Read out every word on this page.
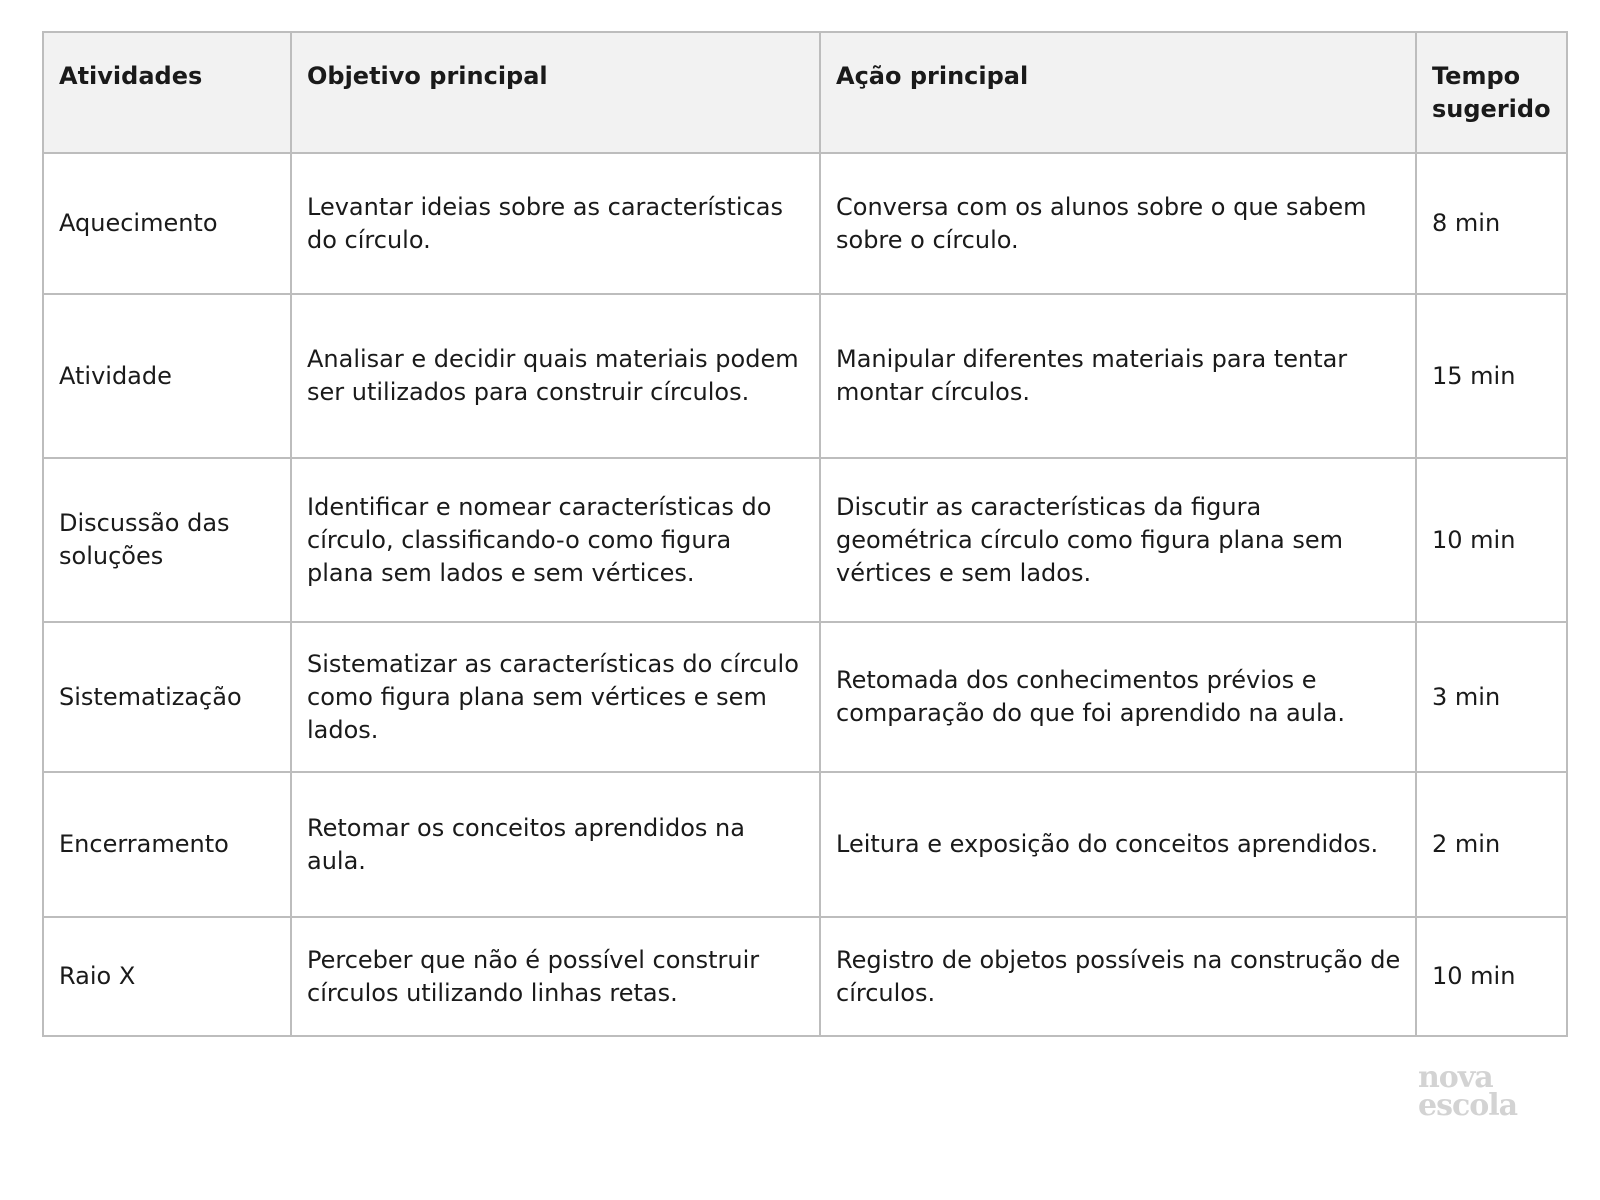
Atividades	Objetivo principal	Ação principal	Tempo sugerido
Aquecimento	Levantar ideias sobre as características do círculo.	Conversa com os alunos sobre o que sabem sobre o círculo.	8 min
Atividade	Analisar e decidir quais materiais podem ser utilizados para construir círculos.	Manipular diferentes materiais para tentar montar círculos.	15 min
Discussão das soluções	Identificar e nomear características do círculo, classificando-o como figura plana sem lados e sem vértices.	Discutir as características da figura geométrica círculo como figura plana sem vértices e sem lados.	10 min
Sistematização	Sistematizar as características do círculo como figura plana sem vértices e sem lados.	Retomada dos conhecimentos prévios e comparação do que foi aprendido na aula.	3 min
Encerramento	Retomar os conceitos aprendidos na aula.	Leitura e exposição do conceitos aprendidos.	2 min
Raio X	Perceber que não é possível construir círculos utilizando linhas retas.	Registro de objetos possíveis na construção de círculos.	10 min
nova
escola
